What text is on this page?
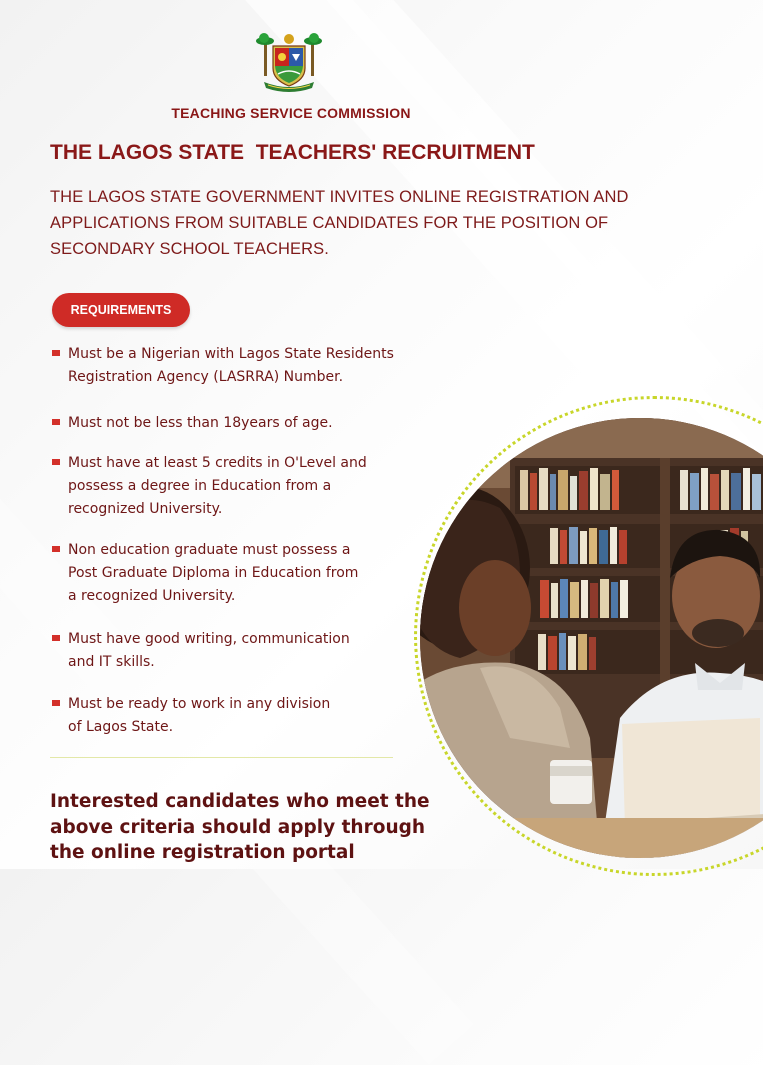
TEACHING SERVICE COMMISSION
THE LAGOS STATE  TEACHERS' RECRUITMENT
THE LAGOS STATE GOVERNMENT INVITES ONLINE REGISTRATION AND
APPLICATIONS FROM SUITABLE CANDIDATES FOR THE POSITION OF
SECONDARY SCHOOL TEACHERS.
REQUIREMENTS
Must be a Nigerian with Lagos State Residents
Registration Agency (LASRRA) Number.
Must not be less than 18years of age.
Must have at least 5 credits in O'Level and
possess a degree in Education from a
recognized University.
Non education graduate must possess a
Post Graduate Diploma in Education from
a recognized University.
Must have good writing, communication
and IT skills.
Must be ready to work in any division
of Lagos State.
Interested candidates who meet the
above criteria should apply through
the online registration portal
